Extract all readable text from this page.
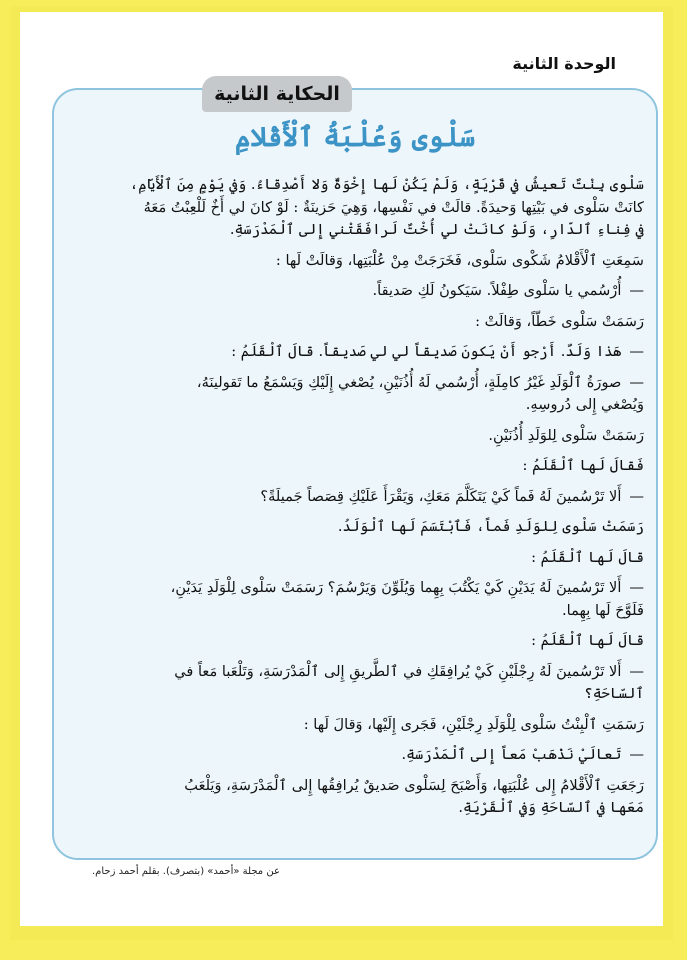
الوحدة الثانية
الحكاية الثانية
سَلْوى وَعُلْبَةُ ٱلْأَقْلامِ

سَلْوى بِنْتٌ تَعيشُ في قَرْيَةٍ، وَلَمْ يَكُنْ لَها إِخْوَةٌ وَلا أَصْدِقاءُ. وَفي يَوْمٍ مِنَ ٱلْأَيّامِ،

كانَتْ سَلْوى في بَيْتِها وَحيدَةً. قالَتْ في نَفْسِها، وَهِيَ حَزينَةٌ : لَوْ كانَ لي أَخٌ لَلْعِبْتُ مَعَهُ

في فِناءِ ٱلدّارِ، وَلَوْ كانَتْ لي أُخْتٌ لَرافَقَتْني إِلى ٱلْمَدْرَسَةِ.

سَمِعَتِ ٱلْأَقْلامُ شَكْوى سَلْوى، فَخَرَجَتْ مِنْ عُلْبَتِها، وَقالَتْ لَها :

—أُرْسُمي يا سَلْوى طِفْلاً. سَيَكونُ لَكِ صَديقاً.

رَسَمَتْ سَلْوى خَطّاً، وَقالَتْ :

—هَذا وَلَدٌ. أَرْجو أَنْ يَكونَ صَديقاً لي لي صَديقاً. قالَ ٱلْقَلَمُ :

—صورَةُ ٱلْوَلَدِ غَيْرُ كامِلَةٍ، أُرْسُمي لَهُ أُذُنَيْنِ، يُصْغي إِلَيْكِ وَيَسْمَعُ ما تَقولينَهُ،

وَيُصْغي إِلى دُروسِهِ.

رَسَمَتْ سَلْوى لِلوَلَدِ أُذُنَيْنِ.

فَقالَ لَها ٱلْقَلَمُ :

—أَلا تَرْسُمينَ لَهُ فَماً كَيْ يَتَكَلَّمَ مَعَكِ، وَيَقْرَأَ عَلَيْكِ قِصَصاً جَميلَةً؟

رَسَمَتْ سَلْوى لِلوَلَدِ فَماً، فَٱبْتَسَمَ لَها ٱلْوَلَدُ.

قالَ لَها ٱلْقَلَمُ :

—أَلا تَرْسُمينَ لَهُ يَدَيْنِ كَيْ يَكْتُبَ بِهِما وَيُلَوِّنَ وَيَرْسُمَ؟ رَسَمَتْ سَلْوى لِلْوَلَدِ يَدَيْنِ،

فَلَوَّحَ لَها بِهِما.

قالَ لَها ٱلْقَلَمُ :

—أَلا تَرْسُمينَ لَهُ رِجْلَيْنِ كَيْ يُرافِقَكِ في ٱلطَّريقِ إِلى ٱلْمَدْرَسَةِ، وَتَلْعَبا مَعاً في

ٱلسّاحَةِ؟

رَسَمَتِ ٱلْبِنْتُ سَلْوى لِلْوَلَدِ رِجْلَيْنِ، فَجَرى إِلَيْها، وَقالَ لَها :

—تَعالَيْ نَذْهَبْ مَعاً إِلى ٱلْمَدْرَسَةِ.

رَجَعَتِ ٱلْأَقْلامُ إِلى عُلْبَتِها، وَأَصْبَحَ لِسَلْوى صَديقٌ يُرافِقُها إِلى ٱلْمَدْرَسَةِ، وَيَلْعَبُ

مَعَها في ٱلسّاحَةِ وَفي ٱلْقَرْيَةِ.

عن مجلة «أحمد» (بتصرف). بقلم أحمد زحام.
